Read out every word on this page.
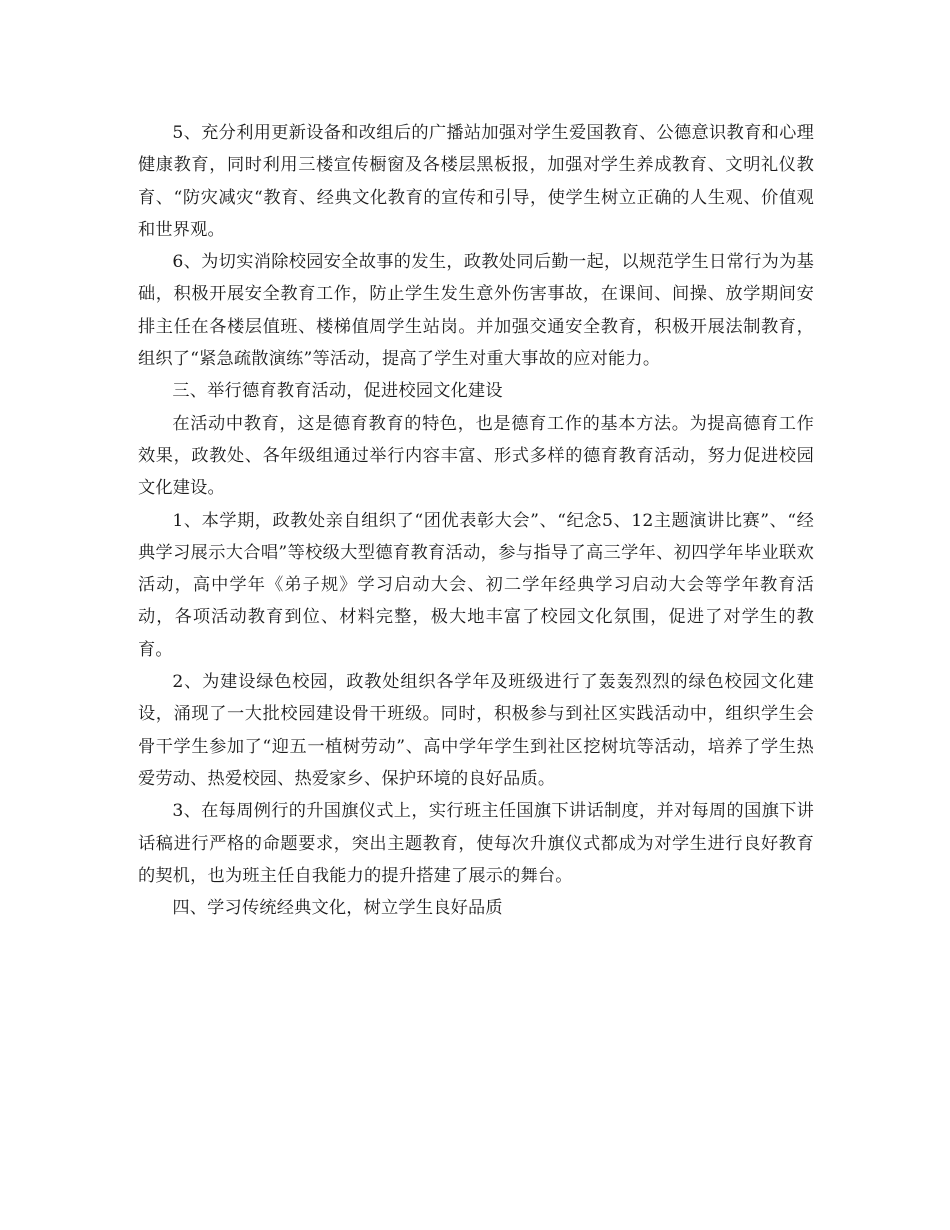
5、充分利用更新设备和改组后的广播站加强对学生爱国教育、公德意识教育和心理健康教育，同时利用三楼宣传橱窗及各楼层黑板报，加强对学生养成教育、文明礼仪教育、“防灾减灾“教育、经典文化教育的宣传和引导，使学生树立正确的人生观、价值观和世界观。

6、为切实消除校园安全故事的发生，政教处同后勤一起，以规范学生日常行为为基础，积极开展安全教育工作，防止学生发生意外伤害事故，在课间、间操、放学期间安排主任在各楼层值班、楼梯值周学生站岗。并加强交通安全教育，积极开展法制教育，组织了“紧急疏散演练”等活动，提高了学生对重大事故的应对能力。

三、举行德育教育活动，促进校园文化建设

在活动中教育，这是德育教育的特色，也是德育工作的基本方法。为提高德育工作效果，政教处、各年级组通过举行内容丰富、形式多样的德育教育活动，努力促进校园文化建设。

1、本学期，政教处亲自组织了“团优表彰大会”、“纪念5、12主题演讲比赛”、“经典学习展示大合唱”等校级大型德育教育活动，参与指导了高三学年、初四学年毕业联欢活动，高中学年《弟子规》学习启动大会、初二学年经典学习启动大会等学年教育活动，各项活动教育到位、材料完整，极大地丰富了校园文化氛围，促进了对学生的教育。

2、为建设绿色校园，政教处组织各学年及班级进行了轰轰烈烈的绿色校园文化建设，涌现了一大批校园建设骨干班级。同时，积极参与到社区实践活动中，组织学生会骨干学生参加了“迎五一植树劳动”、高中学年学生到社区挖树坑等活动，培养了学生热爱劳动、热爱校园、热爱家乡、保护环境的良好品质。

3、在每周例行的升国旗仪式上，实行班主任国旗下讲话制度，并对每周的国旗下讲话稿进行严格的命题要求，突出主题教育，使每次升旗仪式都成为对学生进行良好教育的契机，也为班主任自我能力的提升搭建了展示的舞台。

四、学习传统经典文化，树立学生良好品质
